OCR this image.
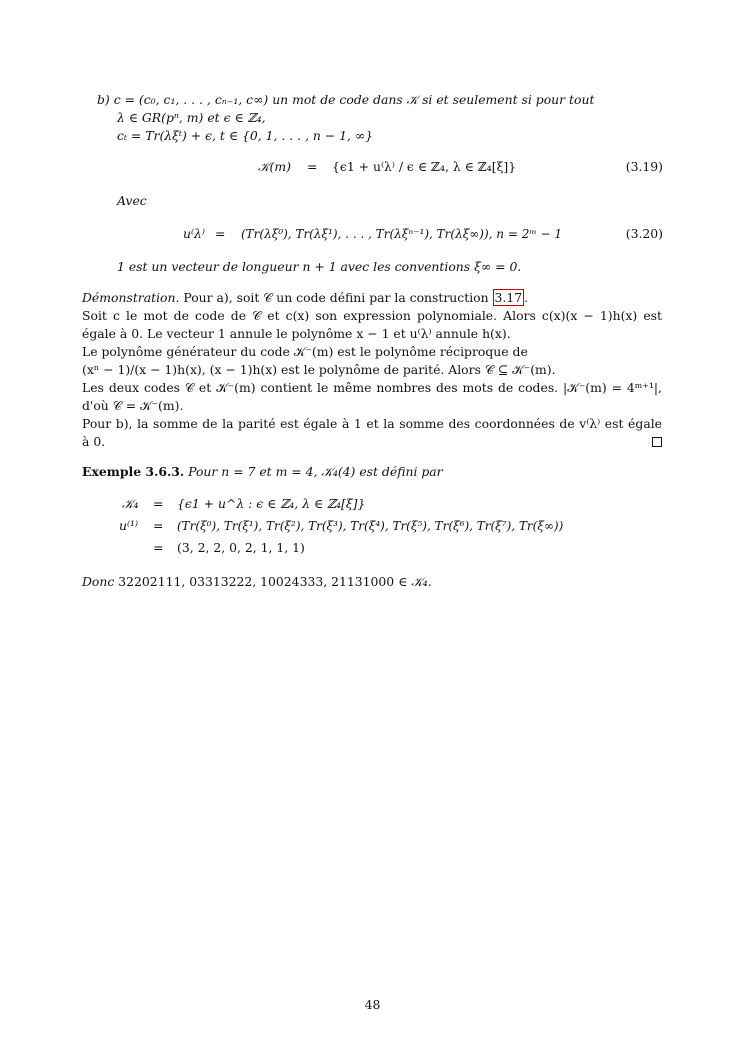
b) c = (c₀, c₁, . . . , cₙ₋₁, c∞) un mot de code dans 𝒦 si et seulement si pour tout
λ ∈ GR(pⁿ, m) et ϵ ∈ ℤ₄,
cₜ = Tr(λξᵗ) + ϵ, t ∈ {0, 1, . . . , n − 1, ∞}
𝒦(m) = {ϵ1 + u⁽λ⁾ / ϵ ∈ ℤ₄, λ ∈ ℤ₄[ξ]}	(3.19)
Avec
u⁽λ⁾ = (Tr(λξ⁰), Tr(λξ¹), . . . , Tr(λξⁿ⁻¹), Tr(λξ∞)), n = 2ᵐ − 1	(3.20)
1 est un vecteur de longueur n + 1 avec les conventions ξ∞ = 0.
Démonstration. Pour a), soit 𝒞 un code défini par la construction 3.17 .
Soit c le mot de code de 𝒞 et c(x) son expression polynomiale. Alors c(x)(x − 1)h(x) est
égale à 0. Le vecteur 1 annule le polynôme x − 1 et u⁽λ⁾ annule h(x).
Le polynôme générateur du code 𝒦⁻(m) est le polynôme réciproque de
(xⁿ − 1)/(x − 1)h(x), (x − 1)h(x) est le polynôme de parité. Alors 𝒞 ⊆ 𝒦⁻(m).
Les deux codes 𝒞 et 𝒦⁻(m) contient le même nombres des mots de codes. |𝒦⁻(m) = 4ᵐ⁺¹|,
d'où 𝒞 = 𝒦⁻(m).
Pour b), la somme de la parité est égale à 1 et la somme des coordonnées de v⁽λ⁾ est égale
à 0.
Exemple 3.6.3. Pour n = 7 et m = 4, 𝒦₄(4) est défini par
𝒦₄ = {ϵ1 + u^λ : ϵ ∈ ℤ₄, λ ∈ ℤ₄[ξ]}
u⁽¹⁾ = (Tr(ξ⁰), Tr(ξ¹), Tr(ξ²), Tr(ξ³), Tr(ξ⁴), Tr(ξ⁵), Tr(ξ⁶), Tr(ξ⁷), Tr(ξ∞))
= (3, 2, 2, 0, 2, 1, 1, 1)
Donc 32202111, 03313222, 10024333, 21131000 ∈ 𝒦₄.
48
